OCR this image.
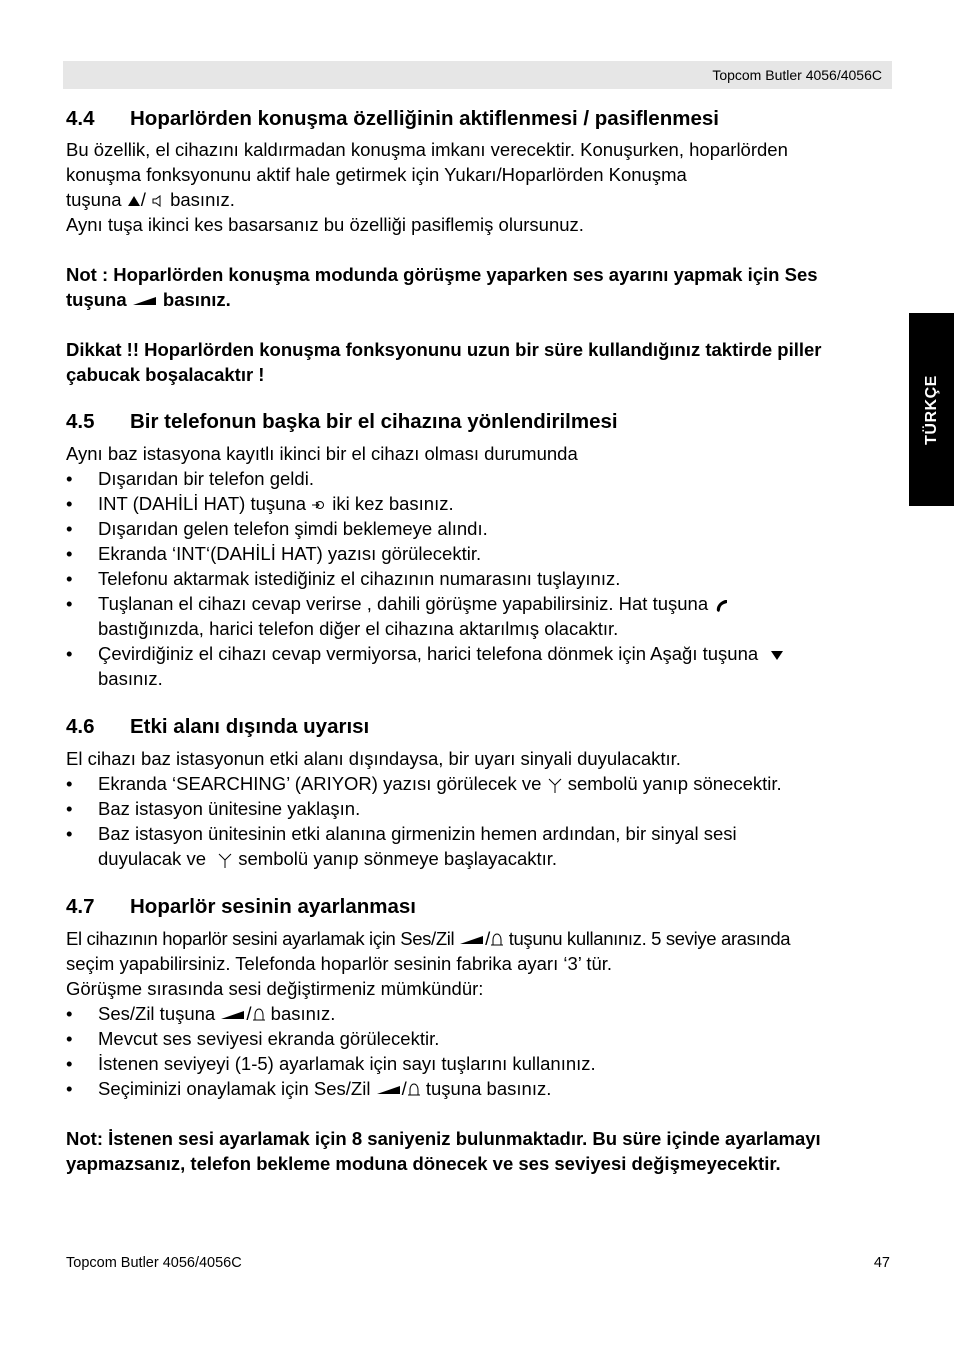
Topcom Butler 4056/4056C
TÜRKÇE
4.4 Hoparlörden konuşma özelliğinin aktiflenmesi / pasiflenmesi
Bu özellik, el cihazını kaldırmadan konuşma imkanı verecektir. Konuşurken, hoparlörden
konuşma fonksyonunu aktif hale getirmek için Yukarı/Hoparlörden Konuşma
tuşuna / basınız.
Aynı tuşa ikinci kes basarsanız bu özelliği pasiflemiş olursunuz.
Not : Hoparlörden konuşma modunda görüşme yaparken ses ayarını yapmak için Ses
tuşuna basınız.
Dikkat !! Hoparlörden konuşma fonksyonunu uzun bir süre kullandığınız taktirde piller
çabucak boşalacaktır !
4.5 Bir telefonun başka bir el cihazına yönlendirilmesi
Aynı baz istasyona kayıtlı ikinci bir el cihazı olması durumunda
• Dışarıdan bir telefon geldi.
• INT (DAHİLİ HAT) tuşuna iki kez basınız.
• Dışarıdan gelen telefon şimdi beklemeye alındı.
• Ekranda ‘INT‘(DAHİLİ HAT) yazısı görülecektir.
• Telefonu aktarmak istediğiniz el cihazının numarasını tuşlayınız.
• Tuşlanan el cihazı cevap verirse , dahili görüşme yapabilirsiniz. Hat tuşuna
bastığınızda, harici telefon diğer el cihazına aktarılmış olacaktır.
• Çevirdiğiniz el cihazı cevap vermiyorsa, harici telefona dönmek için Aşağı tuşuna
basınız.
4.6 Etki alanı dışında uyarısı
El cihazı baz istasyonun etki alanı dışındaysa, bir uyarı sinyali duyulacaktır.
• Ekranda ‘SEARCHING’ (ARIYOR) yazısı görülecek ve sembolü yanıp sönecektir.
• Baz istasyon ünitesine yaklaşın.
• Baz istasyon ünitesinin etki alanına girmenizin hemen ardından, bir sinyal sesi
duyulacak ve sembolü yanıp sönmeye başlayacaktır.
4.7 Hoparlör sesinin ayarlanması
El cihazının hoparlör sesini ayarlamak için Ses/Zil / tuşunu kullanınız. 5 seviye arasında
seçim yapabilirsiniz. Telefonda hoparlör sesinin fabrika ayarı ‘3’ tür.
Görüşme sırasında sesi değiştirmeniz mümkündür:
• Ses/Zil tuşuna / basınız.
• Mevcut ses seviyesi ekranda görülecektir.
• İstenen seviyeyi (1-5) ayarlamak için sayı tuşlarını kullanınız.
• Seçiminizi onaylamak için Ses/Zil / tuşuna basınız.
Not: İstenen sesi ayarlamak için 8 saniyeniz bulunmaktadır. Bu süre içinde ayarlamayı
yapmazsanız, telefon bekleme moduna dönecek ve ses seviyesi değişmeyecektir.
Topcom Butler 4056/4056C	47
